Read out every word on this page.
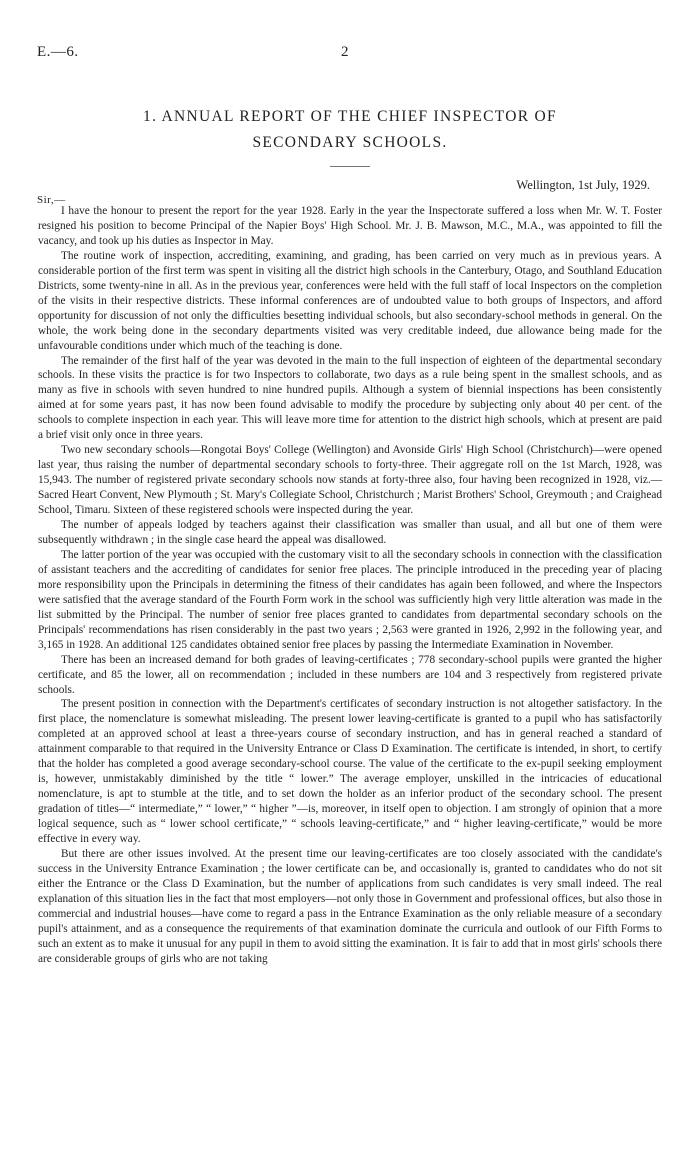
E.—6.	2
1. ANNUAL REPORT OF THE CHIEF INSPECTOR OF
SECONDARY SCHOOLS.
Wellington, 1st July, 1929.
Sir,—

I have the honour to present the report for the year 1928. Early in the year the Inspectorate suffered a loss when Mr. W. T. Foster resigned his position to become Principal of the Napier Boys' High School. Mr. J. B. Mawson, M.C., M.A., was appointed to fill the vacancy, and took up his duties as Inspector in May.

The routine work of inspection, accrediting, examining, and grading, has been carried on very much as in previous years. A considerable portion of the first term was spent in visiting all the district high schools in the Canterbury, Otago, and Southland Education Districts, some twenty-nine in all. As in the previous year, conferences were held with the full staff of local Inspectors on the completion of the visits in their respective districts. These informal conferences are of undoubted value to both groups of Inspectors, and afford opportunity for discussion of not only the difficulties besetting individual schools, but also secondary-school methods in general. On the whole, the work being done in the secondary departments visited was very creditable indeed, due allowance being made for the unfavourable conditions under which much of the teaching is done.

The remainder of the first half of the year was devoted in the main to the full inspection of eighteen of the departmental secondary schools. In these visits the practice is for two Inspectors to collaborate, two days as a rule being spent in the smallest schools, and as many as five in schools with seven hundred to nine hundred pupils. Although a system of biennial inspections has been consistently aimed at for some years past, it has now been found advisable to modify the procedure by subjecting only about 40 per cent. of the schools to complete inspection in each year. This will leave more time for attention to the district high schools, which at present are paid a brief visit only once in three years.

Two new secondary schools—Rongotai Boys' College (Wellington) and Avonside Girls' High School (Christchurch)—were opened last year, thus raising the number of departmental secondary schools to forty-three. Their aggregate roll on the 1st March, 1928, was 15,943. The number of registered private secondary schools now stands at forty-three also, four having been recognized in 1928, viz.—Sacred Heart Convent, New Plymouth ; St. Mary's Collegiate School, Christchurch ; Marist Brothers' School, Greymouth ; and Craighead School, Timaru. Sixteen of these registered schools were inspected during the year.

The number of appeals lodged by teachers against their classification was smaller than usual, and all but one of them were subsequently withdrawn ; in the single case heard the appeal was disallowed.

The latter portion of the year was occupied with the customary visit to all the secondary schools in connection with the classification of assistant teachers and the accrediting of candidates for senior free places. The principle introduced in the preceding year of placing more responsibility upon the Principals in determining the fitness of their candidates has again been followed, and where the Inspectors were satisfied that the average standard of the Fourth Form work in the school was sufficiently high very little alteration was made in the list submitted by the Principal. The number of senior free places granted to candidates from departmental secondary schools on the Principals' recommendations has risen considerably in the past two years ; 2,563 were granted in 1926, 2,992 in the following year, and 3,165 in 1928. An additional 125 candidates obtained senior free places by passing the Intermediate Examination in November.

There has been an increased demand for both grades of leaving-certificates ; 778 secondary-school pupils were granted the higher certificate, and 85 the lower, all on recommendation ; included in these numbers are 104 and 3 respectively from registered private schools.

The present position in connection with the Department's certificates of secondary instruction is not altogether satisfactory. In the first place, the nomenclature is somewhat misleading. The present lower leaving-certificate is granted to a pupil who has satisfactorily completed at an approved school at least a three-years course of secondary instruction, and has in general reached a standard of attainment comparable to that required in the University Entrance or Class D Examination. The certificate is intended, in short, to certify that the holder has completed a good average secondary-school course. The value of the certificate to the ex-pupil seeking employment is, however, unmistakably diminished by the title “ lower.” The average employer, unskilled in the intricacies of educational nomenclature, is apt to stumble at the title, and to set down the holder as an inferior product of the secondary school. The present gradation of titles—“ intermediate,” “ lower,” “ higher ”—is, moreover, in itself open to objection. I am strongly of opinion that a more logical sequence, such as “ lower school certificate,” “ schools leaving-certificate,” and “ higher leaving-certificate,” would be more effective in every way.

But there are other issues involved. At the present time our leaving-certificates are too closely associated with the candidate's success in the University Entrance Examination ; the lower certificate can be, and occasionally is, granted to candidates who do not sit either the Entrance or the Class D Examination, but the number of applications from such candidates is very small indeed. The real explanation of this situation lies in the fact that most employers—not only those in Government and professional offices, but also those in commercial and industrial houses—have come to regard a pass in the Entrance Examination as the only reliable measure of a secondary pupil's attainment, and as a consequence the requirements of that examination dominate the curricula and outlook of our Fifth Forms to such an extent as to make it unusual for any pupil in them to avoid sitting the examination. It is fair to add that in most girls' schools there are considerable groups of girls who are not taking
